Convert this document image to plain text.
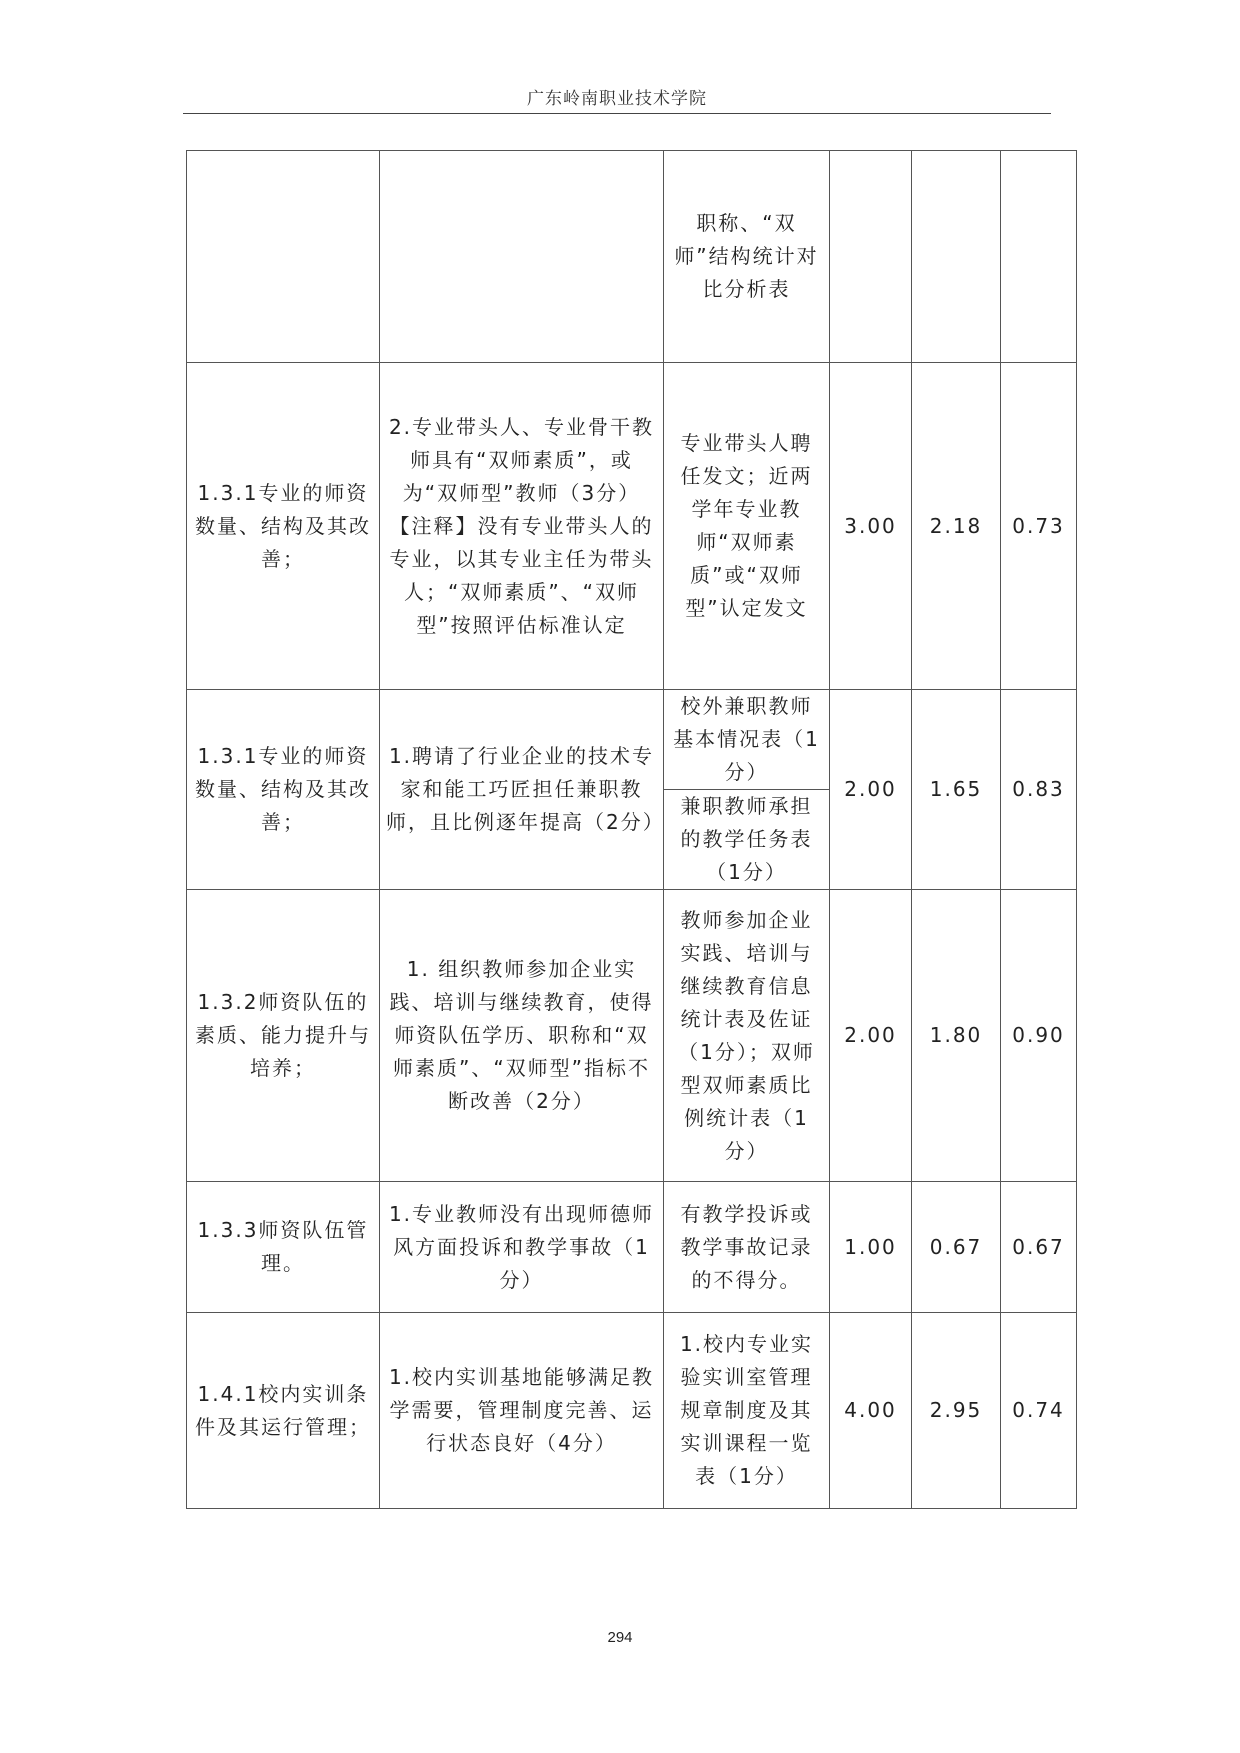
广东岭南职业技术学院
		职称、“双师”结构统计对比分析表			
1.3.1专业的师资数量、结构及其改善；	2.专业带头人、专业骨干教师具有“双师素质”，或为“双师型”教师（3分）【注释】没有专业带头人的专业，以其专业主任为带头人；“双师素质”、“双师型”按照评估标准认定	专业带头人聘任发文；近两学年专业教师“双师素质”或“双师型”认定发文	3.00	2.18	0.73
1.3.1专业的师资数量、结构及其改善；	1.聘请了行业企业的技术专家和能工巧匠担任兼职教师，且比例逐年提高（2分）	校外兼职教师基本情况表（1分）	2.00	1.65	0.83
		兼职教师承担的教学任务表（1分）			
1.3.2师资队伍的素质、能力提升与培养；	1. 组织教师参加企业实践、培训与继续教育，使得师资队伍学历、职称和“双师素质”、“双师型”指标不断改善（2分）	教师参加企业实践、培训与继续教育信息统计表及佐证（1分）；双师型双师素质比例统计表（1分）	2.00	1.80	0.90
1.3.3师资队伍管理。	1.专业教师没有出现师德师风方面投诉和教学事故（1分）	有教学投诉或教学事故记录的不得分。	1.00	0.67	0.67
1.4.1校内实训条件及其运行管理；	1.校内实训基地能够满足教学需要，管理制度完善、运行状态良好（4分）	1.校内专业实验实训室管理规章制度及其实训课程一览表（1分）	4.00	2.95	0.74
294
